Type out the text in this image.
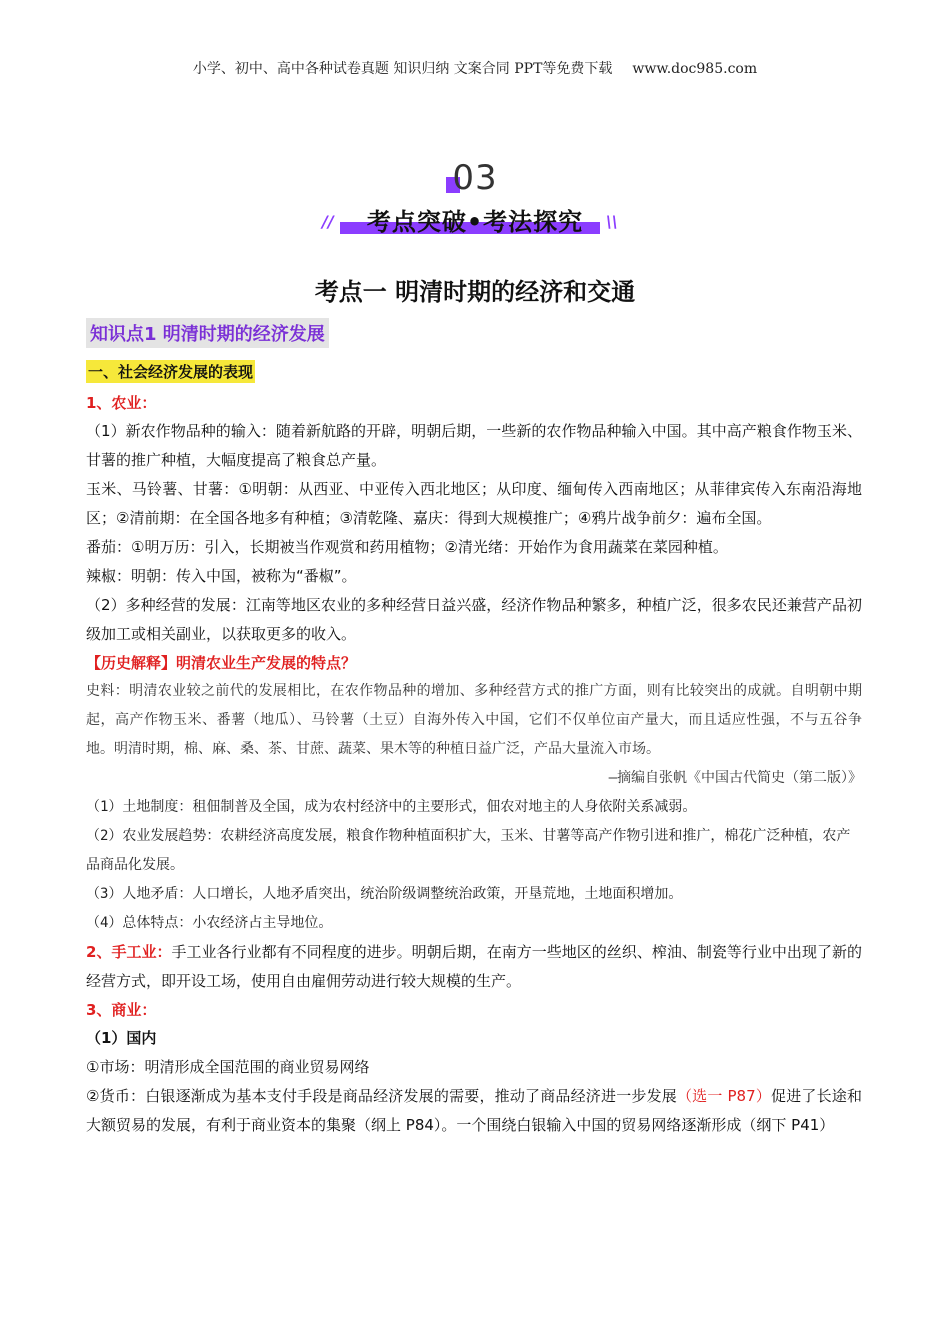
小学、初中、高中各种试卷真题 知识归纳 文案合同 PPT等免费下载 www.doc985.com
03
//	考点突破•考法探究	\\
考点一 明清时期的经济和交通
知识点1 明清时期的经济发展
一、社会经济发展的表现
1、农业：

（1）新农作物品种的输入：随着新航路的开辟，明朝后期，一些新的农作物品种输入中国。其中高产粮食作物玉米、甘薯的推广种植，大幅度提高了粮食总产量。

玉米、马铃薯、甘薯：①明朝：从西亚、中亚传入西北地区；从印度、缅甸传入西南地区；从菲律宾传入东南沿海地区；②清前期：在全国各地多有种植；③清乾隆、嘉庆：得到大规模推广；④鸦片战争前夕：遍布全国。

番茄：①明万历：引入，长期被当作观赏和药用植物；②清光绪：开始作为食用蔬菜在菜园种植。

辣椒：明朝：传入中国，被称为“番椒”。

（2）多种经营的发展：江南等地区农业的多种经营日益兴盛，经济作物品种繁多，种植广泛，很多农民还兼营产品初级加工或相关副业，以获取更多的收入。

【历史解释】明清农业生产发展的特点？
史料：明清农业较之前代的发展相比，在农作物品种的增加、多种经营方式的推广方面，则有比较突出的成就。自明朝中期起，高产作物玉米、番薯（地瓜）、马铃薯（土豆）自海外传入中国，它们不仅单位亩产量大，而且适应性强，不与五谷争地。明清时期，棉、麻、桑、茶、甘蔗、蔬菜、果木等的种植日益广泛，产品大量流入市场。
—摘编自张帆《中国古代简史（第二版）》
（1）土地制度：租佃制普及全国，成为农村经济中的主要形式，佃农对地主的人身依附关系减弱。
（2）农业发展趋势：农耕经济高度发展，粮食作物种植面积扩大，玉米、甘薯等高产作物引进和推广，棉花广泛种植，农产品商品化发展。
（3）人地矛盾：人口增长，人地矛盾突出，统治阶级调整统治政策，开垦荒地，土地面积增加。
（4）总体特点：小农经济占主导地位。

2、手工业：手工业各行业都有不同程度的进步。明朝后期，在南方一些地区的丝织、榨油、制瓷等行业中出现了新的经营方式，即开设工场，使用自由雇佣劳动进行较大规模的生产。

3、商业：

（1）国内

①市场：明清形成全国范围的商业贸易网络

②货币：白银逐渐成为基本支付手段是商品经济发展的需要，推动了商品经济进一步发展（选一 P87）促进了长途和大额贸易的发展，有利于商业资本的集聚（纲上 P84）。一个围绕白银输入中国的贸易网络逐渐形成（纲下 P41）
